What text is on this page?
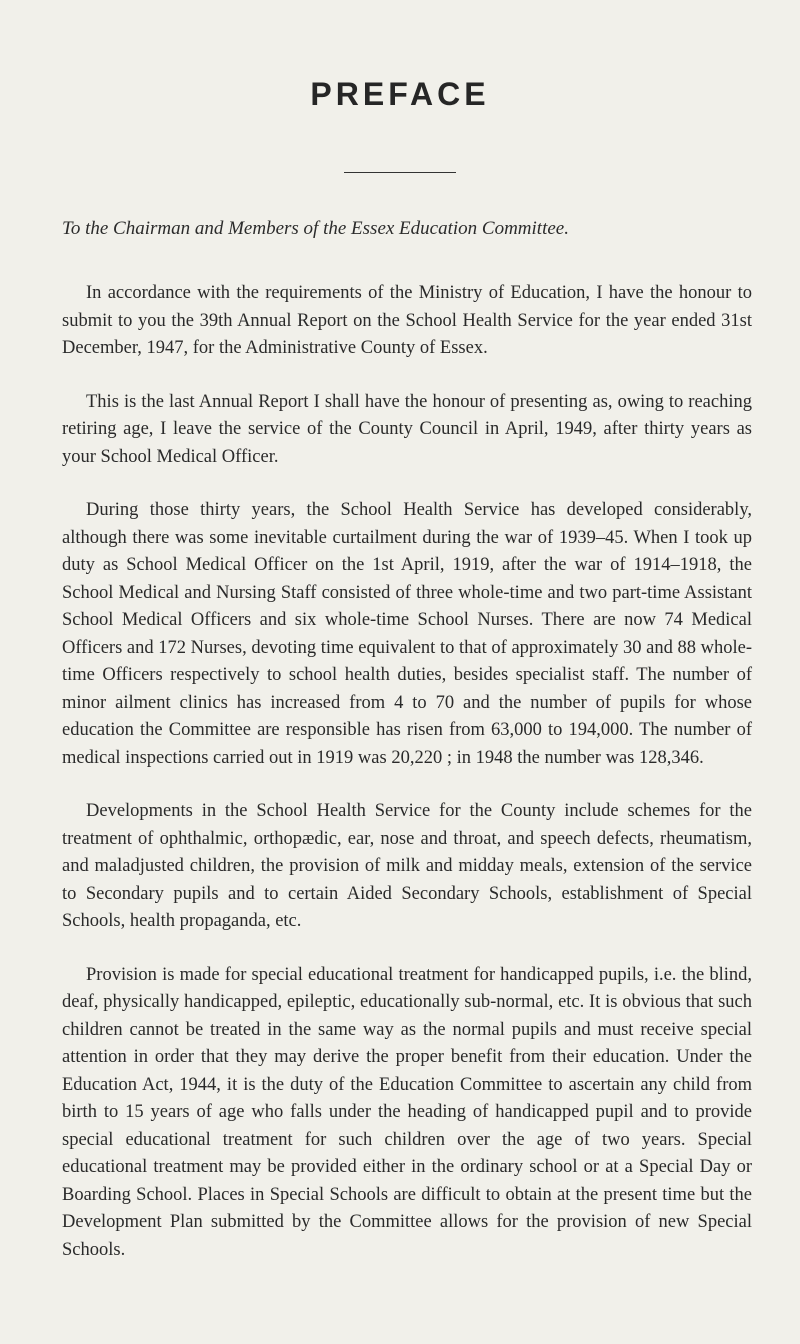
PREFACE
To the Chairman and Members of the Essex Education Committee.

In accordance with the requirements of the Ministry of Education, I have the honour to submit to you the 39th Annual Report on the School Health Service for the year ended 31st December, 1947, for the Administrative County of Essex.

This is the last Annual Report I shall have the honour of presenting as, owing to reaching retiring age, I leave the service of the County Council in April, 1949, after thirty years as your School Medical Officer.

During those thirty years, the School Health Service has developed considerably, although there was some inevitable curtailment during the war of 1939–45. When I took up duty as School Medical Officer on the 1st April, 1919, after the war of 1914–1918, the School Medical and Nursing Staff consisted of three whole-time and two part-time Assistant School Medical Officers and six whole-time School Nurses. There are now 74 Medical Officers and 172 Nurses, devoting time equivalent to that of approximately 30 and 88 whole-time Officers respectively to school health duties, besides specialist staff. The number of minor ailment clinics has increased from 4 to 70 and the number of pupils for whose education the Committee are responsible has risen from 63,000 to 194,000. The number of medical inspections carried out in 1919 was 20,220 ; in 1948 the number was 128,346.

Developments in the School Health Service for the County include schemes for the treatment of ophthalmic, orthopædic, ear, nose and throat, and speech defects, rheumatism, and maladjusted children, the provision of milk and midday meals, extension of the service to Secondary pupils and to certain Aided Secondary Schools, establishment of Special Schools, health propaganda, etc.

Provision is made for special educational treatment for handicapped pupils, i.e. the blind, deaf, physically handicapped, epileptic, educationally sub-normal, etc. It is obvious that such children cannot be treated in the same way as the normal pupils and must receive special attention in order that they may derive the proper benefit from their education. Under the Education Act, 1944, it is the duty of the Education Committee to ascertain any child from birth to 15 years of age who falls under the heading of handicapped pupil and to provide special educational treatment for such children over the age of two years. Special educational treatment may be provided either in the ordinary school or at a Special Day or Boarding School. Places in Special Schools are difficult to obtain at the present time but the Development Plan submitted by the Committee allows for the provision of new Special Schools.
